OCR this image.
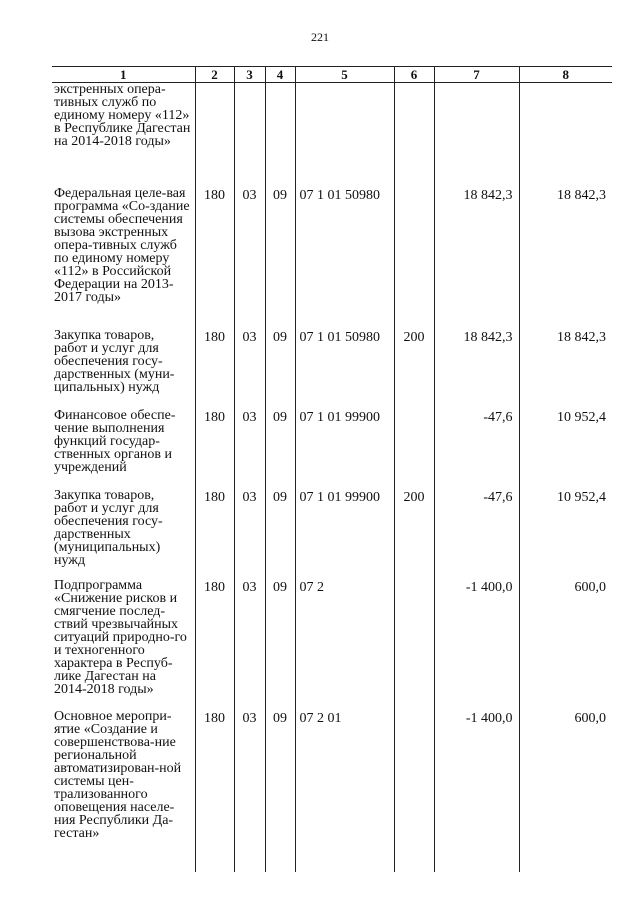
221
1	2	3	4	5	6	7	8
экстренных опера-тивных служб по единому номеру «112» в Республике Дагестан на 2014-2018 годы»							
Федеральная целе-вая программа «Со-здание системы обеспечения вызова экстренных опера-тивных служб по единому номеру «112» в Российской Федерации на 2013-2017 годы»	180	03	09	07 1 01 50980		18 842,3	18 842,3
Закупка товаров, работ и услуг для обеспечения госу-дарственных (муни-ципальных) нужд	180	03	09	07 1 01 50980	200	18 842,3	18 842,3
Финансовое обеспе-чение выполнения функций государ-ственных органов и учреждений	180	03	09	07 1 01 99900		-47,6	10 952,4
Закупка товаров, работ и услуг для обеспечения госу-дарственных (муниципальных) нужд	180	03	09	07 1 01 99900	200	-47,6	10 952,4
Подпрограмма «Снижение рисков и смягчение послед-ствий чрезвычайных ситуаций природно-го и техногенного характера в Респуб-лике Дагестан на 2014-2018 годы»	180	03	09	07 2		-1 400,0	600,0
Основное меропри-ятие «Создание и совершенствова-ние региональной автоматизирован-ной системы цен-трализованного оповещения населе-ния Республики Да-гестан»	180	03	09	07 2 01		-1 400,0	600,0
